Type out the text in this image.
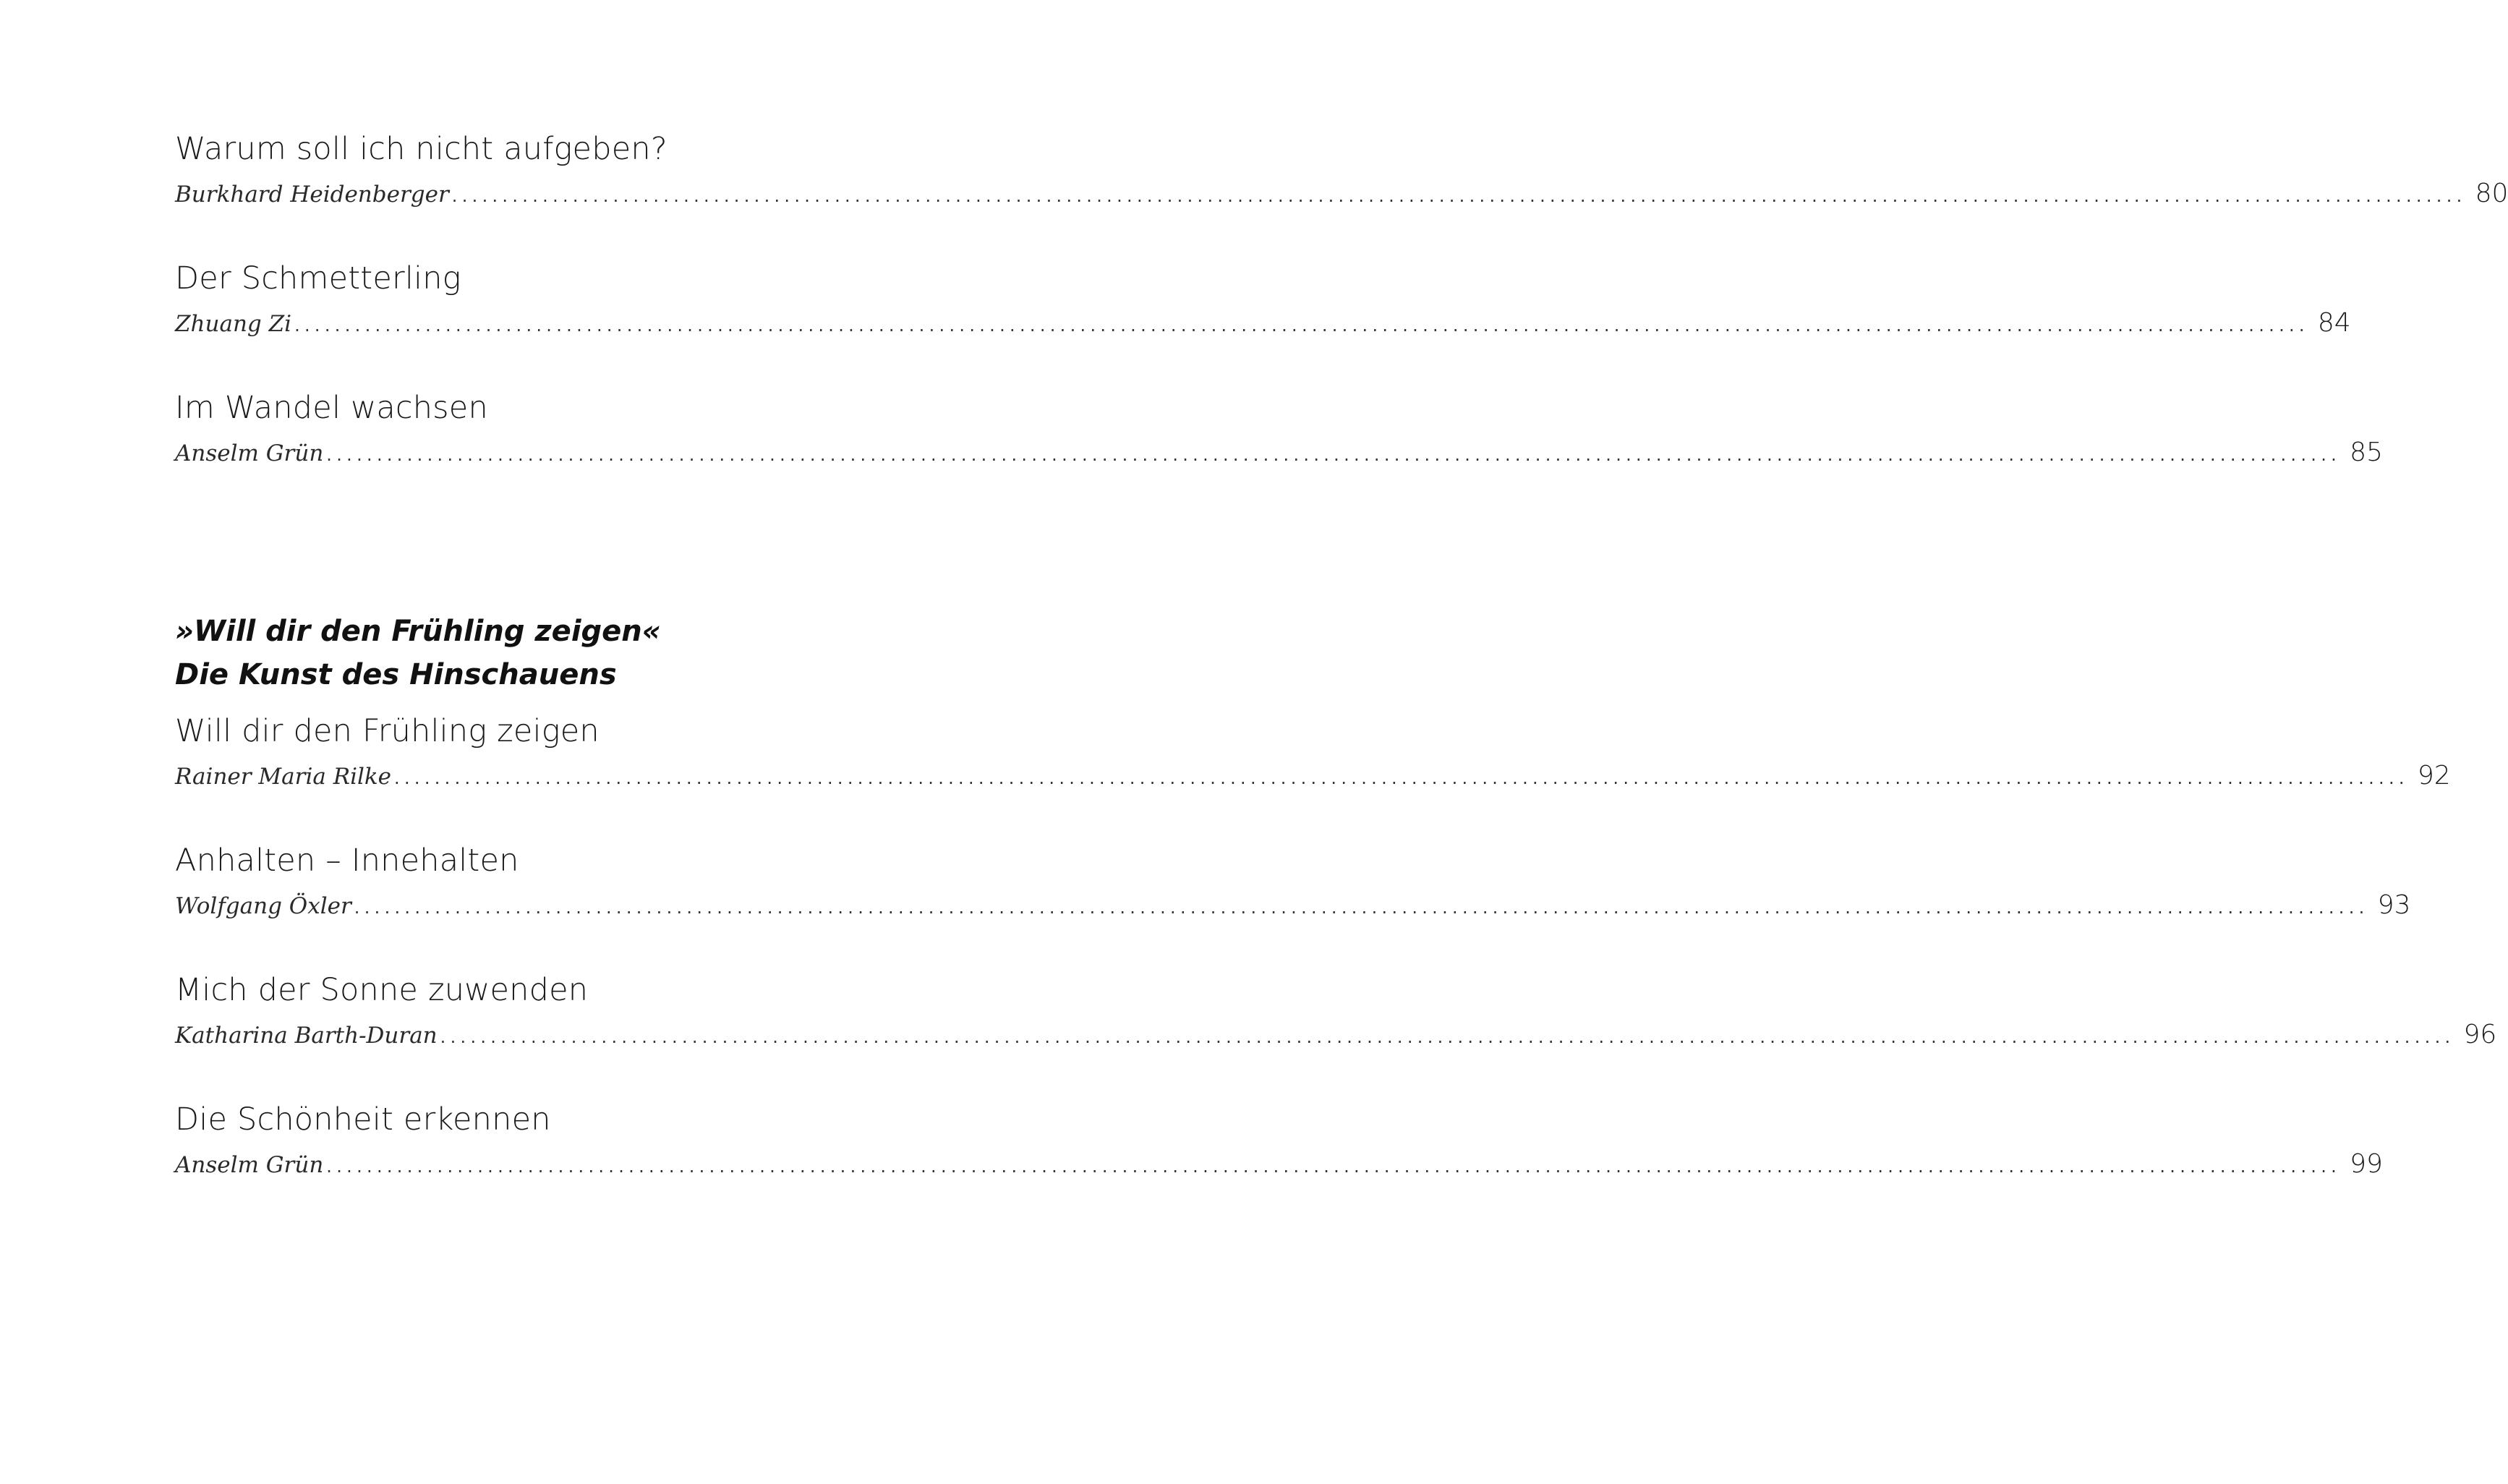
Warum soll ich nicht aufgeben?
Burkhard Heidenberger ........................................................................................................................................................................................................ 80
Der Schmetterling
Zhuang Zi ........................................................................................................................................................................................................ 84
Im Wandel wachsen
Anselm Grün ........................................................................................................................................................................................................ 85
»Will dir den Frühling zeigen«
Die Kunst des Hinschauens
Will dir den Frühling zeigen
Rainer Maria Rilke ........................................................................................................................................................................................................ 92
Anhalten – Innehalten
Wolfgang Öxler ........................................................................................................................................................................................................ 93
Mich der Sonne zuwenden
Katharina Barth-Duran ........................................................................................................................................................................................................ 96
Die Schönheit erkennen
Anselm Grün ........................................................................................................................................................................................................ 99
